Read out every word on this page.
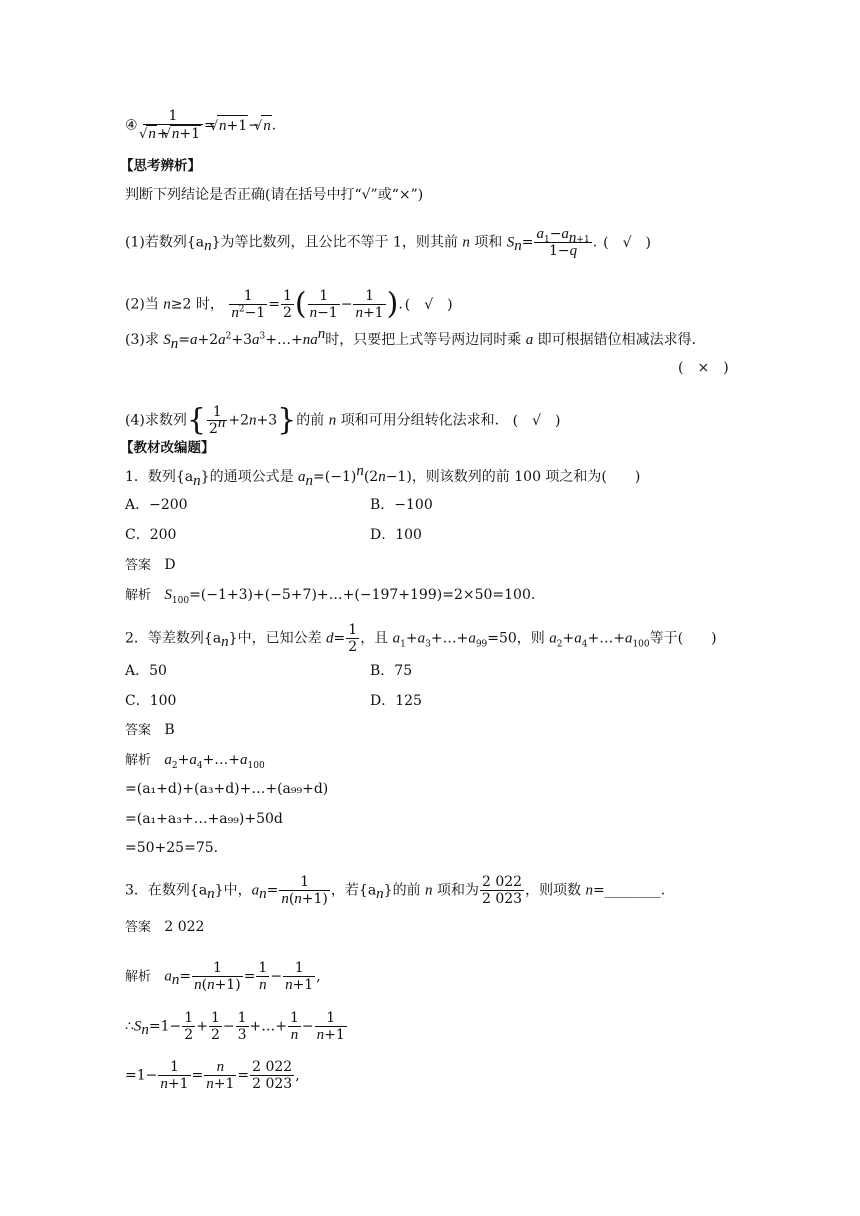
④ 1
√ n+ √ n+1 = √ n+1− √ n.
【思考辨析】
判断下列结论是否正确(请在括号中打“√”或“×”)
(1)若数列$\{a_n\}$为等比数列，且公比不等于 1，则其前 n 项和 $S_n= \frac{a_1-a_{n+1}}{1-q}$ . (　√　)
(2)当 n≥2 时， $\frac{1}{n^2-1} = \frac{1}{2}$ ( $\frac{1}{n-1} - \frac{1}{n+1}$ ). (　√　)
(3)求 $S_n=a+2a^2+3a^3+\dots+na^n$时，只要把上式等号两边同时乘 a 即可根据错位相减法求得．
(　×　)
(4)求数列{ $\frac{1}{2^n} +2n+3$}的前 n 项和可用分组转化法求和． (　√　)
【教材改编题】
1．数列$\{a_n\}$的通项公式是 $a_n=(-1)^n(2n-1)$，则该数列的前 100 项之和为(　　)
A．−200	B．−100
C．200	D．100
答案 D
解析 $S_{100}=(-1+3)+(-5+7)+\dots+(-197+199)=2\times 50=100$.
2．等差数列$\{a_n\}$中，已知公差 $d= \frac{1}{2}$ ，且 $a_1+a_3+\dots+a_{99}=50$，则 $a_2+a_4+\dots+a_{100}$等于(　　)
A．50	B．75
C．100	D．125
答案 B
解析 $a_2+a_4+\dots+a_{100}$
=(a₁+d)+(a₃+d)+…+(a₉₉+d)
=(a₁+a₃+…+a₉₉)+50d
=50+25=75.
3．在数列$\{a_n\}$中，$a_n= \frac{1}{n(n+1)}$ ，若$\{a_n\}$的前 n 项和为 $\frac{2 022}{2 023}$ ，则项数 n=________.
答案 2 022
解析 $a_n= \frac{1}{n(n+1)} = \frac{1}{n} - \frac{1}{n+1}$ ,
$\therefore S_n=1- \frac{1}{2} + \frac{1}{2} - \frac{1}{3}$ +…+ $\frac{1}{n} - \frac{1}{n+1}$
$=1- \frac{1}{n+1} = \frac{n}{n+1} = \frac{2 022}{2 023}$ ,
